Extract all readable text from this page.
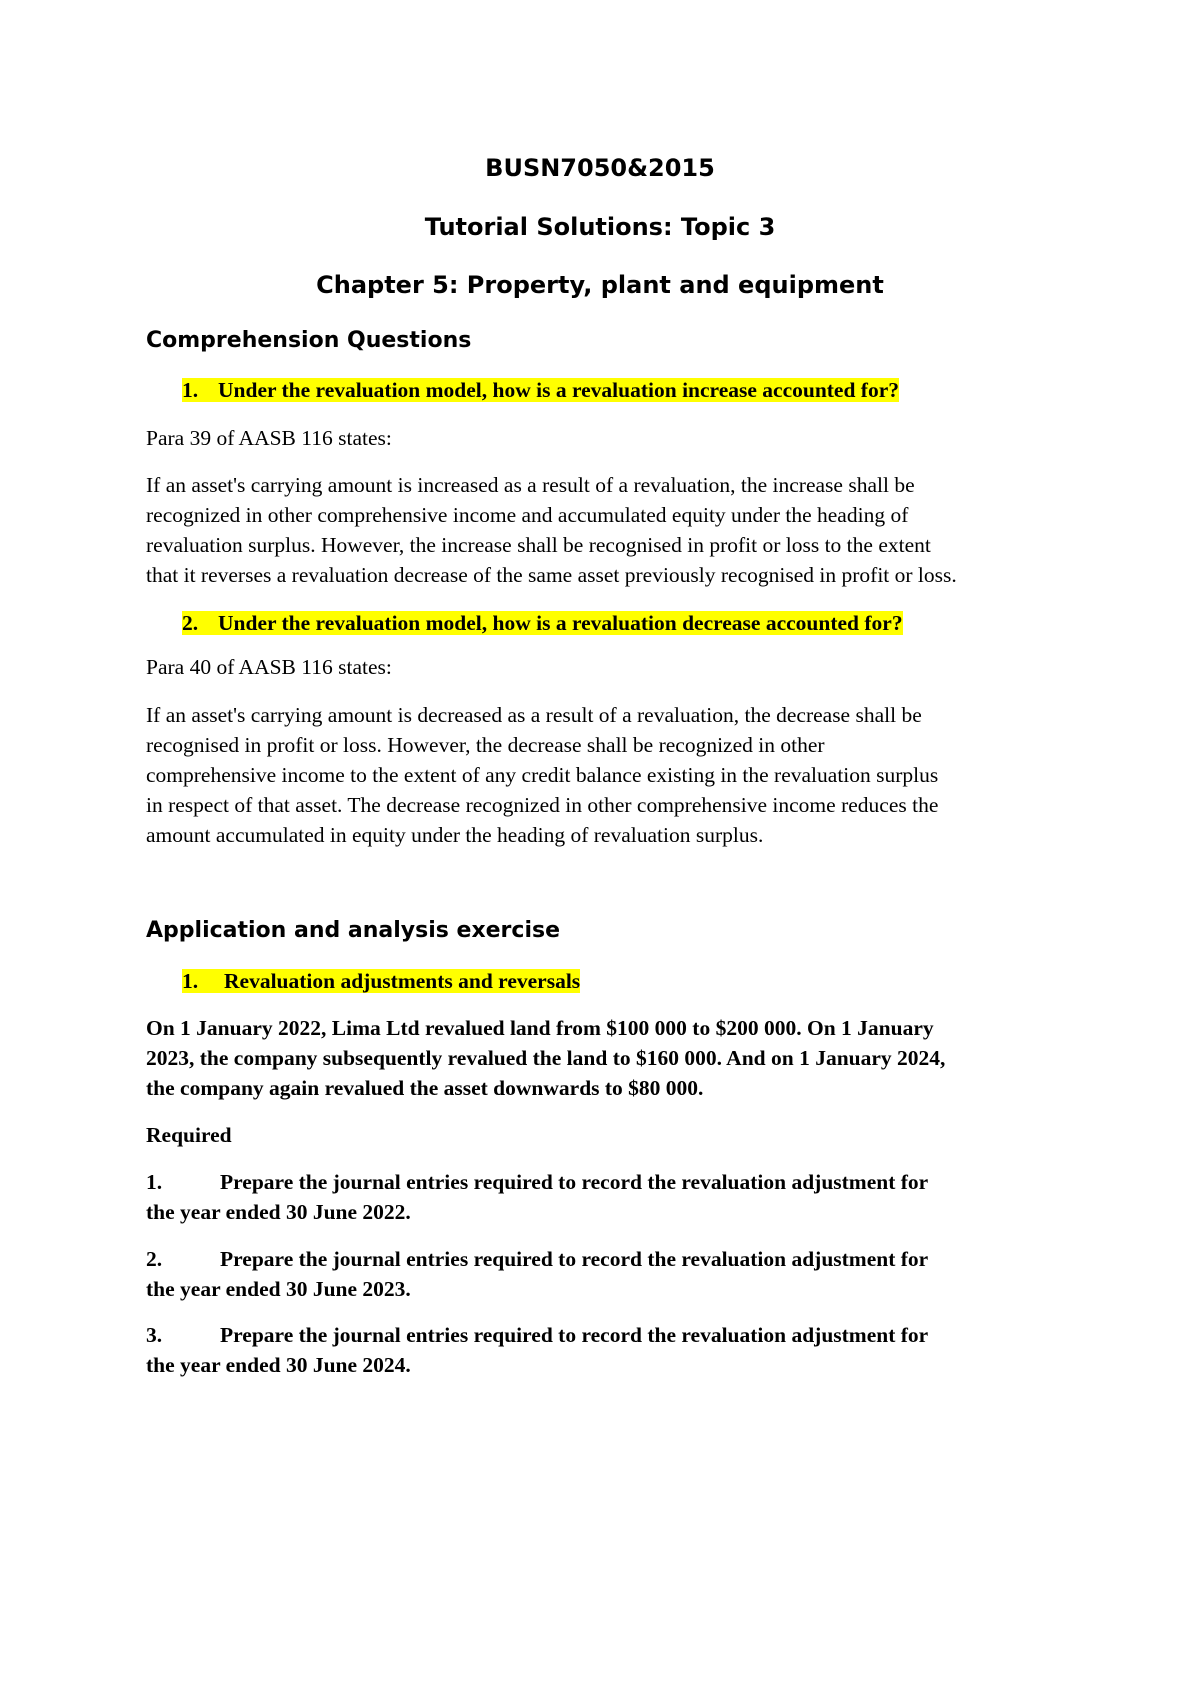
BUSN7050&2015
Tutorial Solutions: Topic 3
Chapter 5: Property, plant and equipment
Comprehension Questions
1. Under the revaluation model, how is a revaluation increase accounted for?
Para 39 of AASB 116 states:
If an asset's carrying amount is increased as a result of a revaluation, the increase shall be
recognized in other comprehensive income and accumulated equity under the heading of
revaluation surplus. However, the increase shall be recognised in profit or loss to the extent
that it reverses a revaluation decrease of the same asset previously recognised in profit or loss.
2. Under the revaluation model, how is a revaluation decrease accounted for?
Para 40 of AASB 116 states:
If an asset's carrying amount is decreased as a result of a revaluation, the decrease shall be
recognised in profit or loss. However, the decrease shall be recognized in other
comprehensive income to the extent of any credit balance existing in the revaluation surplus
in respect of that asset. The decrease recognized in other comprehensive income reduces the
amount accumulated in equity under the heading of revaluation surplus.
Application and analysis exercise
1. Revaluation adjustments and reversals
On 1 January 2022, Lima Ltd revalued land from $100 000 to $200 000. On 1 January
2023, the company subsequently revalued the land to $160 000. And on 1 January 2024,
the company again revalued the asset downwards to $80 000.
Required
1.	Prepare the journal entries required to record the revaluation adjustment for
the year ended 30 June 2022.
2.	Prepare the journal entries required to record the revaluation adjustment for
the year ended 30 June 2023.
3.	Prepare the journal entries required to record the revaluation adjustment for
the year ended 30 June 2024.
